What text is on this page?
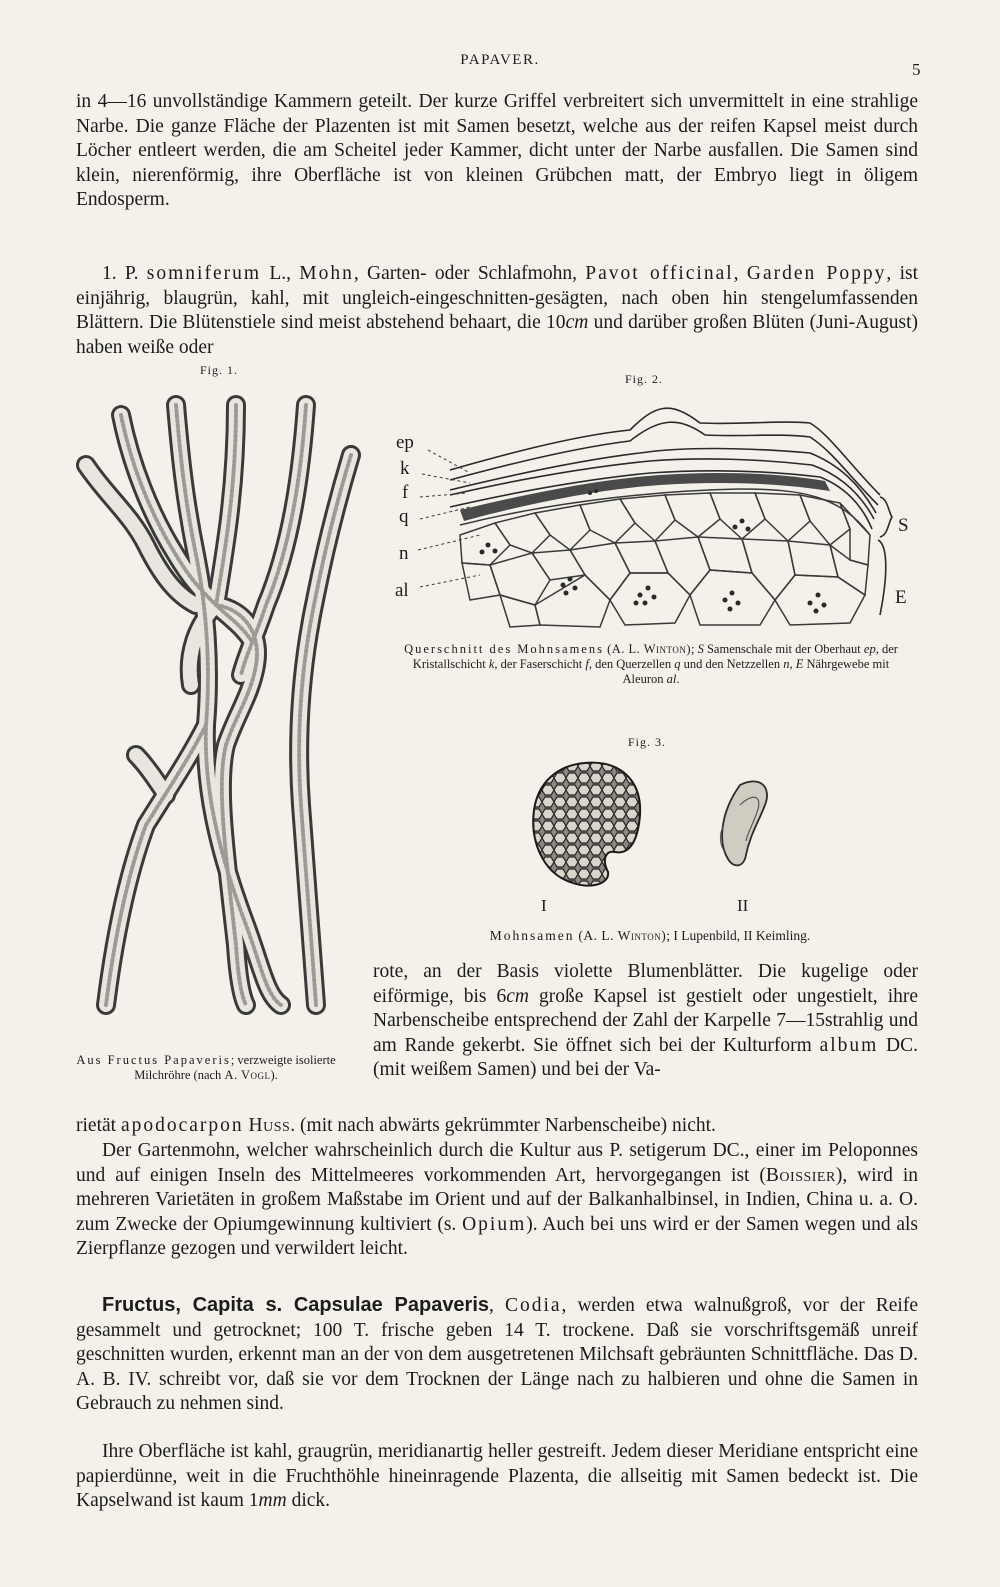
PAPAVER.	5

in 4—16 unvollständige Kammern geteilt. Der kurze Griffel verbreitert sich unvermittelt in eine strahlige Narbe. Die ganze Fläche der Plazenten ist mit Samen besetzt, welche aus der reifen Kapsel meist durch Löcher entleert werden, die am Scheitel jeder Kammer, dicht unter der Narbe ausfallen. Die Samen sind klein, nierenförmig, ihre Oberfläche ist von kleinen Grübchen matt, der Embryo liegt in öligem Endosperm.

1. P. somniferum L., Mohn, Garten- oder Schlafmohn, Pavot officinal, Garden Poppy, ist einjährig, blaugrün, kahl, mit ungleich-eingeschnitten-gesägten, nach oben hin stengelumfassenden Blättern. Die Blütenstiele sind meist abstehend behaart, die 10cm und darüber großen Blüten (Juni-August) haben weiße oder

Fig. 1.
Aus Fructus Papaveris; verzweigte isolierte Milchröhre (nach A. Vogl).
Fig. 2.
ep
k
f
q
n
al
S
E
Querschnitt des Mohnsamens (A. L. Winton); S Samenschale mit der Oberhaut ep, der Kristallschicht k, der Faserschicht f, den Querzellen q und den Netzzellen n, E Nährgewebe mit Aleuron al.
Fig. 3.
I	II
Mohnsamen (A. L. Winton); I Lupenbild, II Keimling.

rote, an der Basis violette Blumenblätter. Die kugelige oder eiförmige, bis 6cm große Kapsel ist gestielt oder ungestielt, ihre Narbenscheibe entsprechend der Zahl der Karpelle 7—15strahlig und am Rande gekerbt. Sie öffnet sich bei der Kulturform album DC. (mit weißem Samen) und bei der Va-

rietät apodocarpon Huss. (mit nach abwärts gekrümmter Narbenscheibe) nicht.

Der Gartenmohn, welcher wahrscheinlich durch die Kultur aus P. setigerum DC., einer im Peloponnes und auf einigen Inseln des Mittelmeeres vorkommenden Art, hervorgegangen ist (Boissier), wird in mehreren Varietäten in großem Maßstabe im Orient und auf der Balkanhalbinsel, in Indien, China u. a. O. zum Zwecke der Opiumgewinnung kultiviert (s. Opium). Auch bei uns wird er der Samen wegen und als Zierpflanze gezogen und verwildert leicht.

Fructus, Capita s. Capsulae Papaveris, Codia, werden etwa walnußgroß, vor der Reife gesammelt und getrocknet; 100 T. frische geben 14 T. trockene. Daß sie vorschriftsgemäß unreif geschnitten wurden, erkennt man an der von dem ausgetretenen Milchsaft gebräunten Schnittfläche. Das D. A. B. IV. schreibt vor, daß sie vor dem Trocknen der Länge nach zu halbieren und ohne die Samen in Gebrauch zu nehmen sind.

Ihre Oberfläche ist kahl, graugrün, meridianartig heller gestreift. Jedem dieser Meridiane entspricht eine papierdünne, weit in die Fruchthöhle hineinragende Plazenta, die allseitig mit Samen bedeckt ist. Die Kapselwand ist kaum 1mm dick.
